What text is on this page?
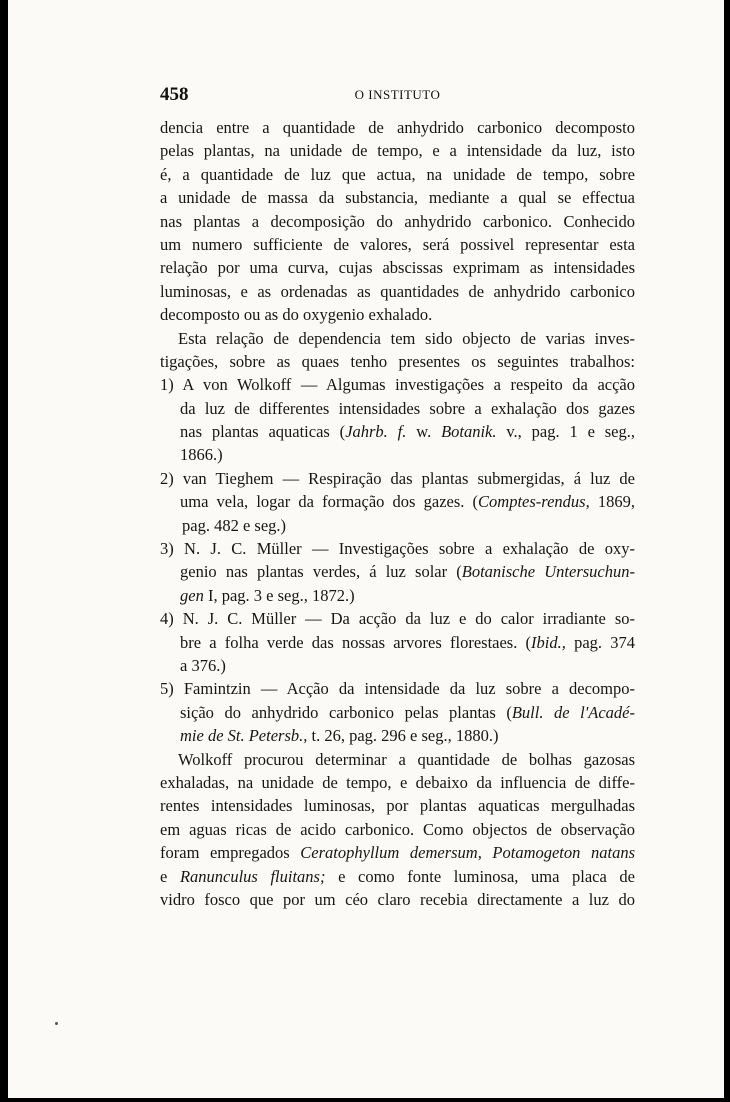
458	O INSTITUTO
dencia entre a quantidade de anhydrido carbonico decomposto
pelas plantas, na unidade de tempo, e a intensidade da luz, isto
é, a quantidade de luz que actua, na unidade de tempo, sobre
a unidade de massa da substancia, mediante a qual se effectua
nas plantas a decomposição do anhydrido carbonico. Conhecido
um numero sufficiente de valores, será possivel representar esta
relação por uma curva, cujas abscissas exprimam as intensidades
luminosas, e as ordenadas as quantidades de anhydrido carbonico
decomposto ou as do oxygenio exhalado.
Esta relação de dependencia tem sido objecto de varias inves-
tigações, sobre as quaes tenho presentes os seguintes trabalhos:
1) A von Wolkoff — Algumas investigações a respeito da acção
da luz de differentes intensidades sobre a exhalação dos gazes
nas plantas aquaticas (Jahrb. f. w. Botanik. v., pag. 1 e seg.,
1866.)
2) van Tieghem — Respiração das plantas submergidas, á luz de
uma vela, logar da formação dos gazes. (Comptes-rendus, 1869,
pag. 482 e seg.)
3) N. J. C. Müller — Investigações sobre a exhalação de oxy-
genio nas plantas verdes, á luz solar (Botanische Untersuchun-
gen I, pag. 3 e seg., 1872.)
4) N. J. C. Müller — Da acção da luz e do calor irradiante so-
bre a folha verde das nossas arvores florestaes. (Ibid., pag. 374
a 376.)
5) Famintzin — Acção da intensidade da luz sobre a decompo-
sição do anhydrido carbonico pelas plantas (Bull. de l'Acadé-
mie de St. Petersb., t. 26, pag. 296 e seg., 1880.)
Wolkoff procurou determinar a quantidade de bolhas gazosas
exhaladas, na unidade de tempo, e debaixo da influencia de diffe-
rentes intensidades luminosas, por plantas aquaticas mergulhadas
em aguas ricas de acido carbonico. Como objectos de observação
foram empregados Ceratophyllum demersum, Potamogeton natans
e Ranunculus fluitans; e como fonte luminosa, uma placa de
vidro fosco que por um céo claro recebia directamente a luz do
